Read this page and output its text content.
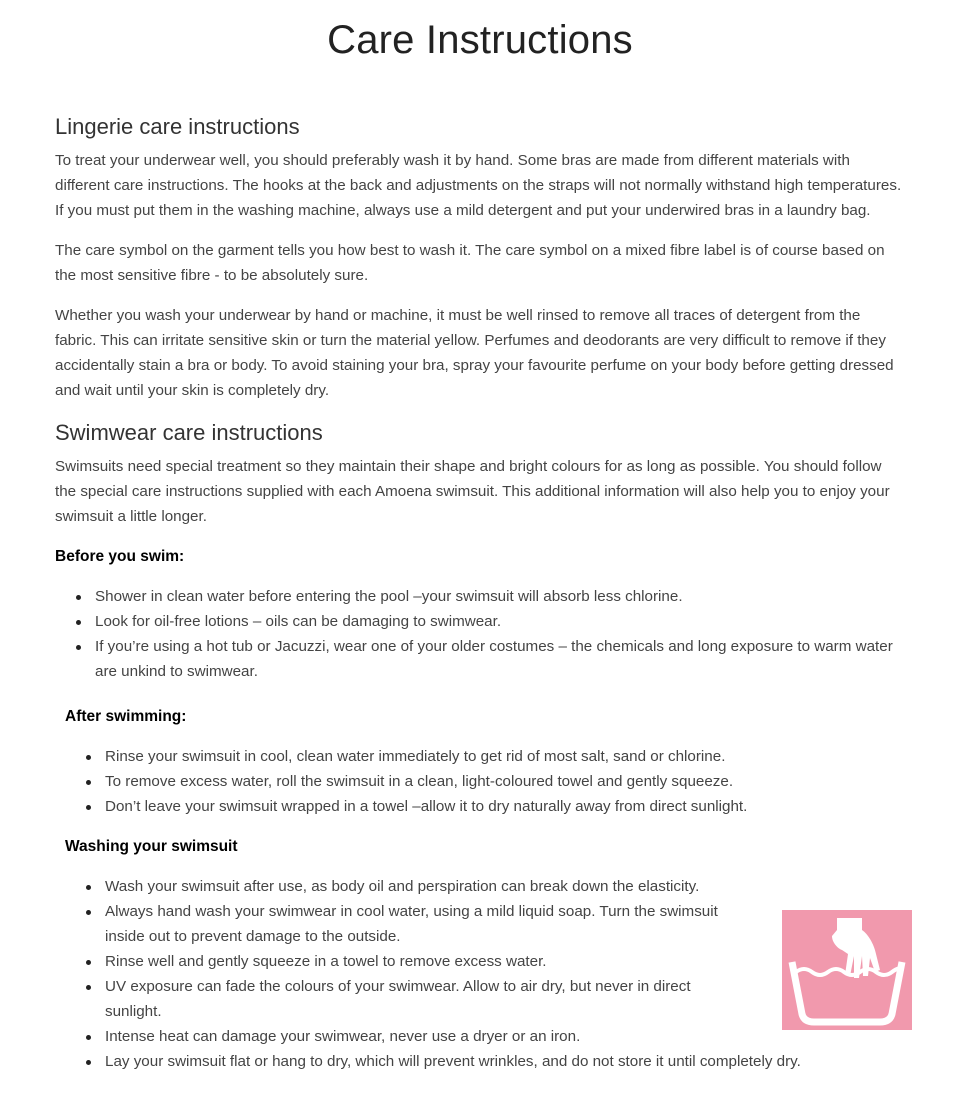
Care Instructions
Lingerie care instructions

To treat your underwear well, you should preferably wash it by hand. Some bras are made from different materials with different care instructions. The hooks at the back and adjustments on the straps will not normally withstand high temperatures. If you must put them in the washing machine, always use a mild detergent and put your underwired bras in a laundry bag.

The care symbol on the garment tells you how best to wash it. The care symbol on a mixed fibre label is of course based on the most sensitive fibre - to be absolutely sure.

Whether you wash your underwear by hand or machine, it must be well rinsed to remove all traces of detergent from the fabric. This can irritate sensitive skin or turn the material yellow. Perfumes and deodorants are very difficult to remove if they accidentally stain a bra or body. To avoid staining your bra, spray your favourite perfume on your body before getting dressed and wait until your skin is completely dry.

Swimwear care instructions

Swimsuits need special treatment so they maintain their shape and bright colours for as long as possible. You should follow the special care instructions supplied with each Amoena swimsuit. This additional information will also help you to enjoy your swimsuit a little longer.

Before you swim:
Shower in clean water before entering the pool –your swimsuit will absorb less chlorine.
Look for oil-free lotions – oils can be damaging to swimwear.
If you’re using a hot tub or Jacuzzi, wear one of your older costumes – the chemicals and long exposure to warm water are unkind to swimwear.
After swimming:
Rinse your swimsuit in cool, clean water immediately to get rid of most salt, sand or chlorine.
To remove excess water, roll the swimsuit in a clean, light-coloured towel and gently squeeze.
Don’t leave your swimsuit wrapped in a towel –allow it to dry naturally away from direct sunlight.
Washing your swimsuit
Wash your swimsuit after use, as body oil and perspiration can break down the elasticity.
Always hand wash your swimwear in cool water, using a mild liquid soap. Turn the swimsuit inside out to prevent damage to the outside.
Rinse well and gently squeeze in a towel to remove excess water.
UV exposure can fade the colours of your swimwear. Allow to air dry, but never in direct sunlight.
Intense heat can damage your swimwear, never use a dryer or an iron.
Lay your swimsuit flat or hang to dry, which will prevent wrinkles, and do not store it until completely dry.
